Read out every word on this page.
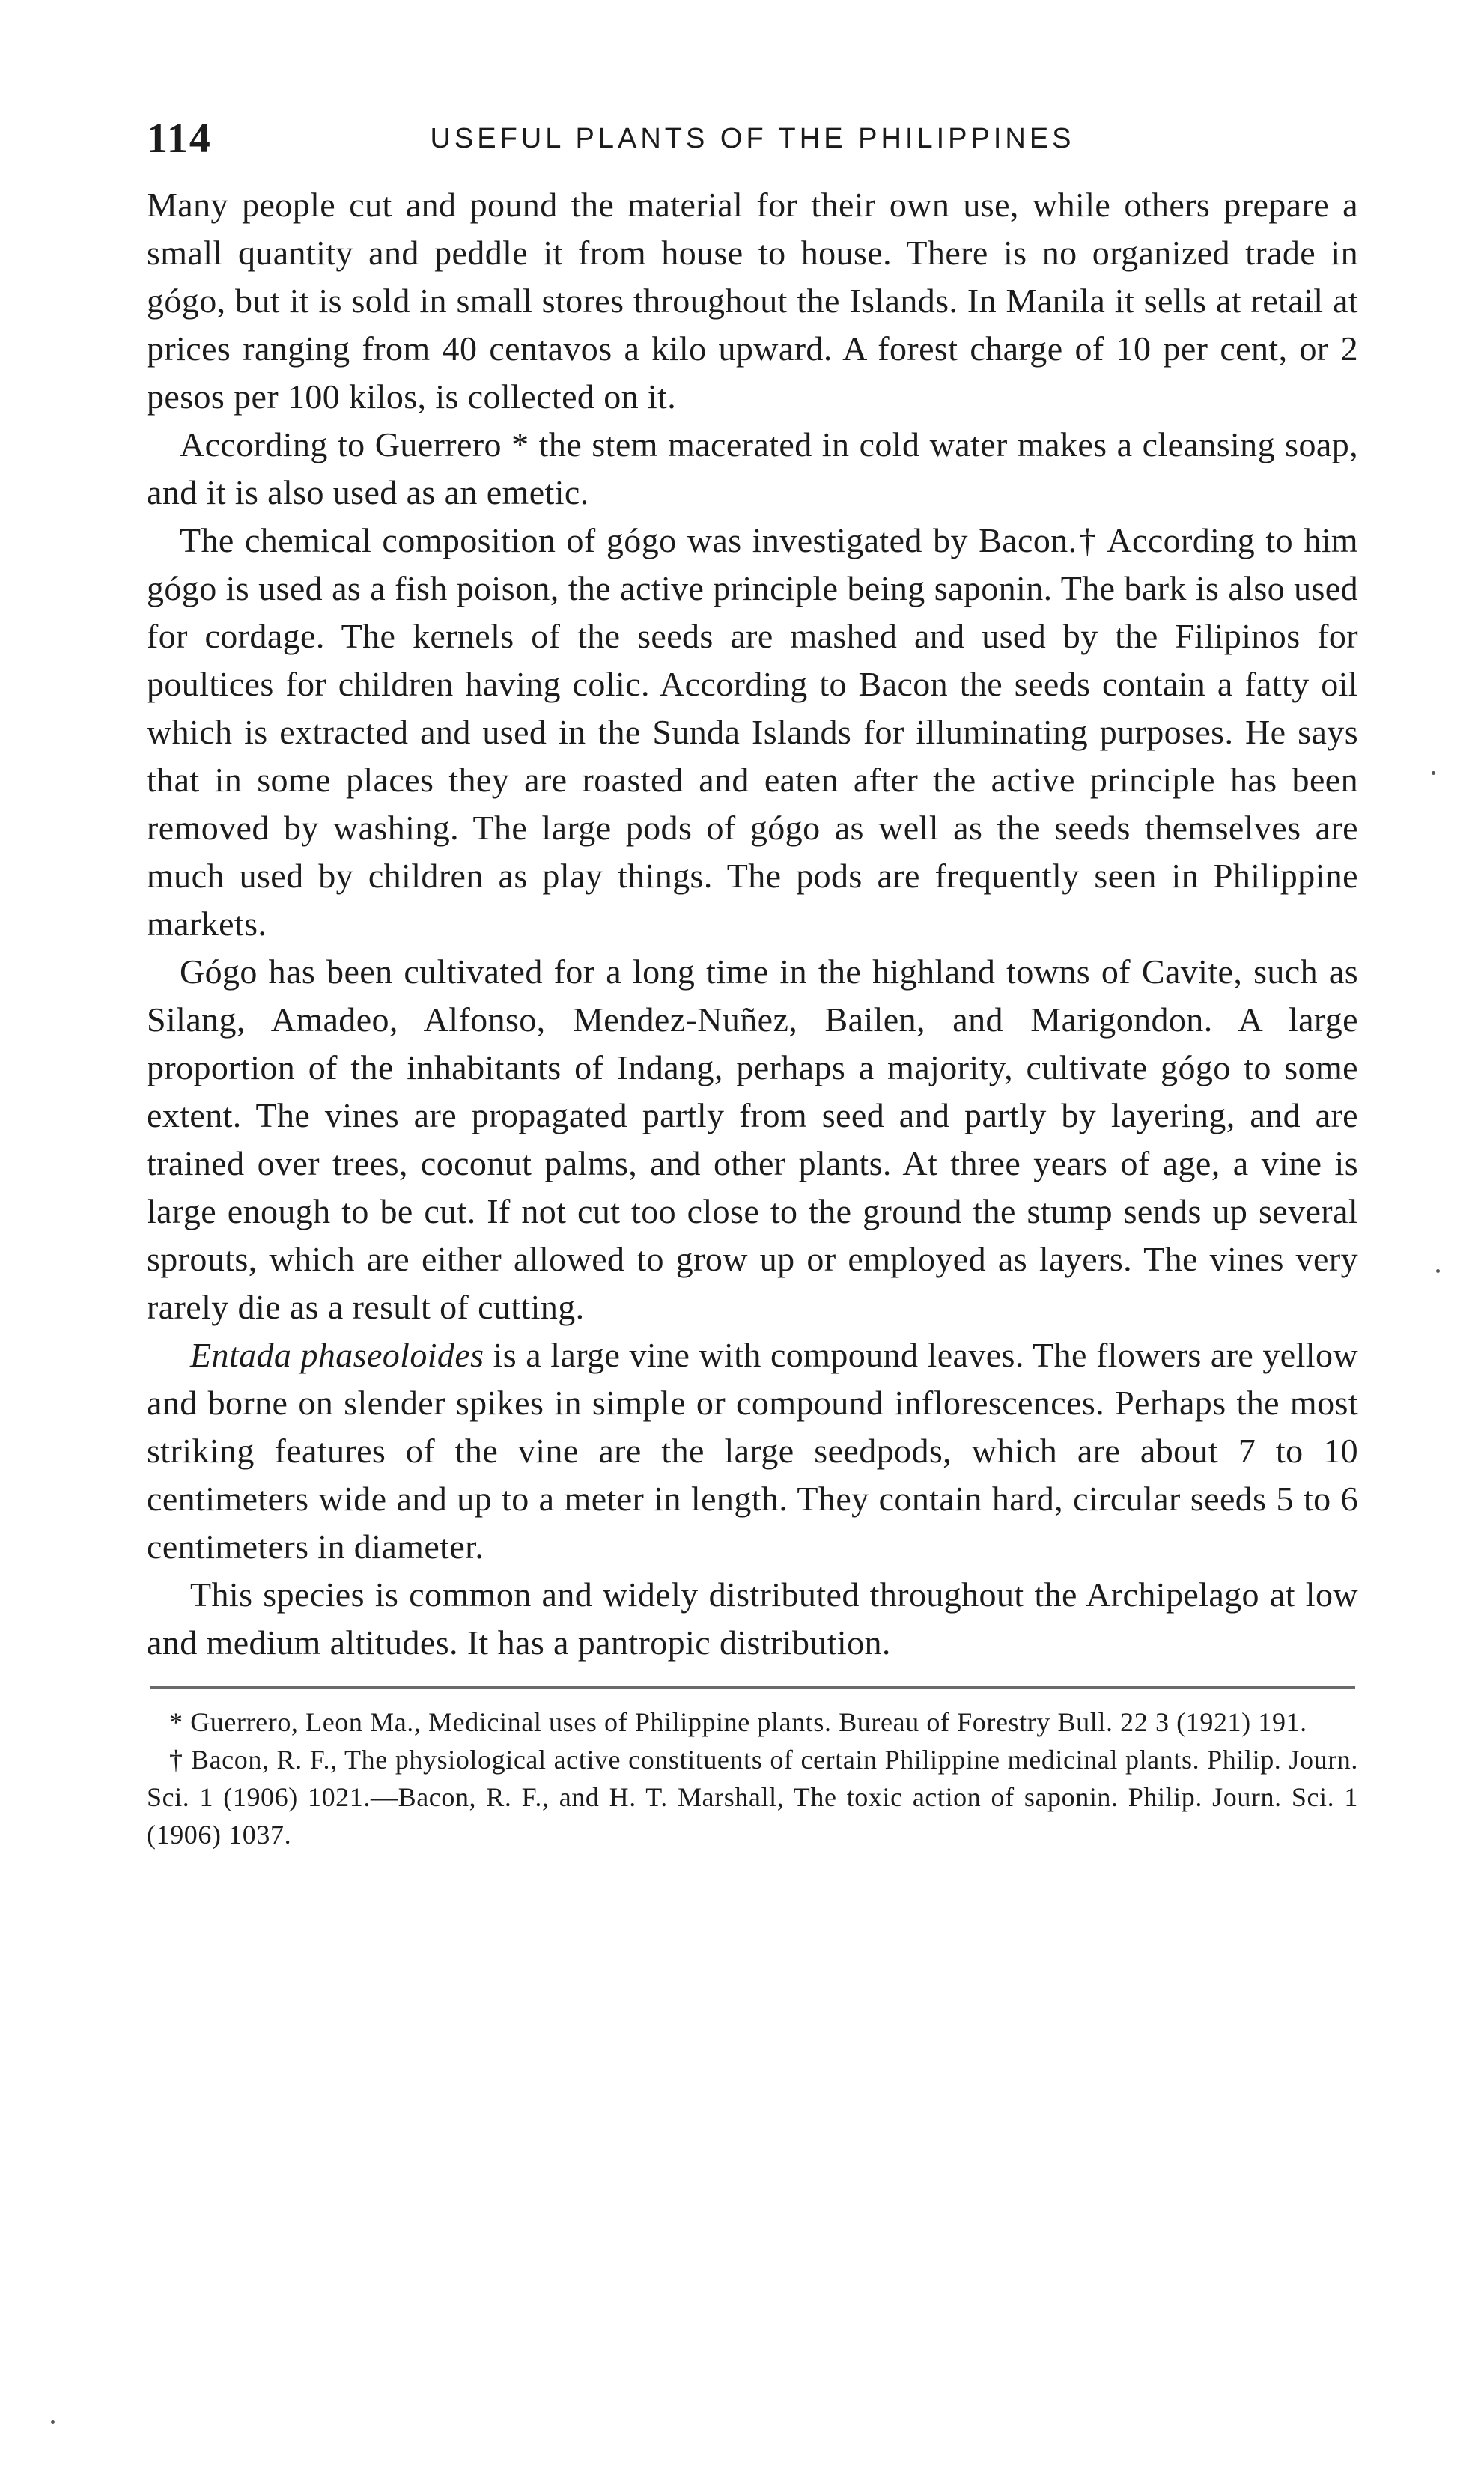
114	USEFUL PLANTS OF THE PHILIPPINES

Many people cut and pound the material for their own use, while others prepare a small quantity and peddle it from house to house. There is no organized trade in gógo, but it is sold in small stores throughout the Islands. In Manila it sells at retail at prices ranging from 40 centavos a kilo upward. A forest charge of 10 per cent, or 2 pesos per 100 kilos, is collected on it.

According to Guerrero * the stem macerated in cold water makes a cleansing soap, and it is also used as an emetic.

The chemical composition of gógo was investigated by Bacon.† According to him gógo is used as a fish poison, the active principle being saponin. The bark is also used for cordage. The kernels of the seeds are mashed and used by the Filipinos for poultices for children having colic. According to Bacon the seeds contain a fatty oil which is extracted and used in the Sunda Islands for illuminating purposes. He says that in some places they are roasted and eaten after the active principle has been removed by washing. The large pods of gógo as well as the seeds themselves are much used by children as play things. The pods are frequently seen in Philippine markets.

Gógo has been cultivated for a long time in the highland towns of Cavite, such as Silang, Amadeo, Alfonso, Mendez-Nuñez, Bailen, and Marigondon. A large proportion of the inhabitants of Indang, perhaps a majority, cultivate gógo to some extent. The vines are propagated partly from seed and partly by layering, and are trained over trees, coconut palms, and other plants. At three years of age, a vine is large enough to be cut. If not cut too close to the ground the stump sends up several sprouts, which are either allowed to grow up or employed as layers. The vines very rarely die as a result of cutting.

Entada phaseoloides is a large vine with compound leaves. The flowers are yellow and borne on slender spikes in simple or compound inflorescences. Perhaps the most striking features of the vine are the large seedpods, which are about 7 to 10 centimeters wide and up to a meter in length. They contain hard, circular seeds 5 to 6 centimeters in diameter.

This species is common and widely distributed throughout the Archipelago at low and medium altitudes. It has a pantropic distribution.

* Guerrero, Leon Ma., Medicinal uses of Philippine plants. Bureau of Forestry Bull. 22 3 (1921) 191.

† Bacon, R. F., The physiological active constituents of certain Philippine medicinal plants. Philip. Journ. Sci. 1 (1906) 1021.—Bacon, R. F., and H. T. Marshall, The toxic action of saponin. Philip. Journ. Sci. 1 (1906) 1037.
